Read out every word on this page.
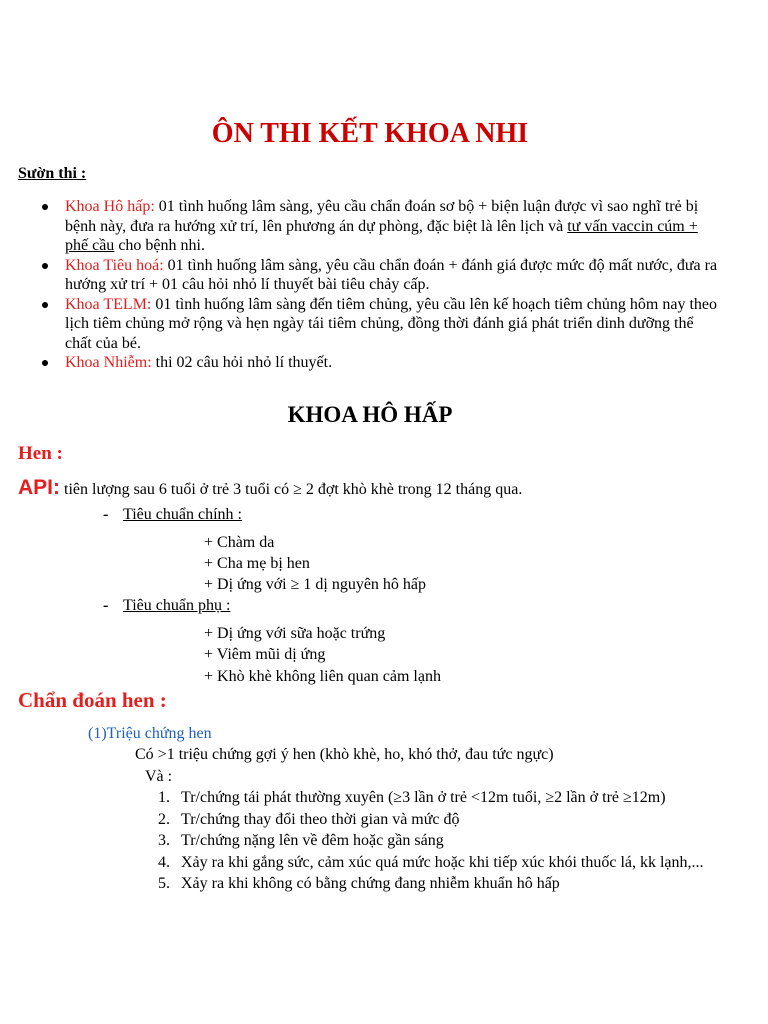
ÔN THI KẾT KHOA NHI

Sườn thi :

Khoa Hô hấp: 01 tình huống lâm sàng, yêu cầu chẩn đoán sơ bộ + biện luận được vì sao nghĩ trẻ bị bệnh này, đưa ra hướng xử trí, lên phương án dự phòng, đặc biệt là lên lịch và tư vấn vaccin cúm + phế cầu cho bệnh nhi.
Khoa Tiêu hoá: 01 tình huống lâm sàng, yêu cầu chẩn đoán + đánh giá được mức độ mất nước, đưa ra hướng xử trí + 01 câu hỏi nhỏ lí thuyết bài tiêu chảy cấp.
Khoa TELM: 01 tình huống lâm sàng đến tiêm chủng, yêu cầu lên kế hoạch tiêm chủng hôm nay theo lịch tiêm chủng mở rộng và hẹn ngày tái tiêm chủng, đồng thời đánh giá phát triển dinh dưỡng thể chất của bé.
Khoa Nhiễm: thi 02 câu hỏi nhỏ lí thuyết.
KHOA HÔ HẤP

Hen :

API: tiên lượng sau 6 tuổi ở trẻ 3 tuổi có ≥ 2 đợt khò khè trong 12 tháng qua.

- Tiêu chuẩn chính :

+ Chàm da

+ Cha mẹ bị hen

+ Dị ứng với ≥ 1 dị nguyên hô hấp

- Tiêu chuẩn phụ :

+ Dị ứng với sữa hoặc trứng

+ Viêm mũi dị ứng

+ Khò khè không liên quan cảm lạnh

Chẩn đoán hen :

(1)Triệu chứng hen

Có >1 triệu chứng gợi ý hen (khò khè, ho, khó thở, đau tức ngực)

Và :

1. Tr/chứng tái phát thường xuyên (≥3 lần ở trẻ <12m tuổi, ≥2 lần ở trẻ ≥12m)
2. Tr/chứng thay đổi theo thời gian và mức độ
3. Tr/chứng nặng lên về đêm hoặc gần sáng
4. Xảy ra khi gắng sức, cảm xúc quá mức hoặc khi tiếp xúc khói thuốc lá, kk lạnh,...
5. Xảy ra khi không có bằng chứng đang nhiễm khuẩn hô hấp
